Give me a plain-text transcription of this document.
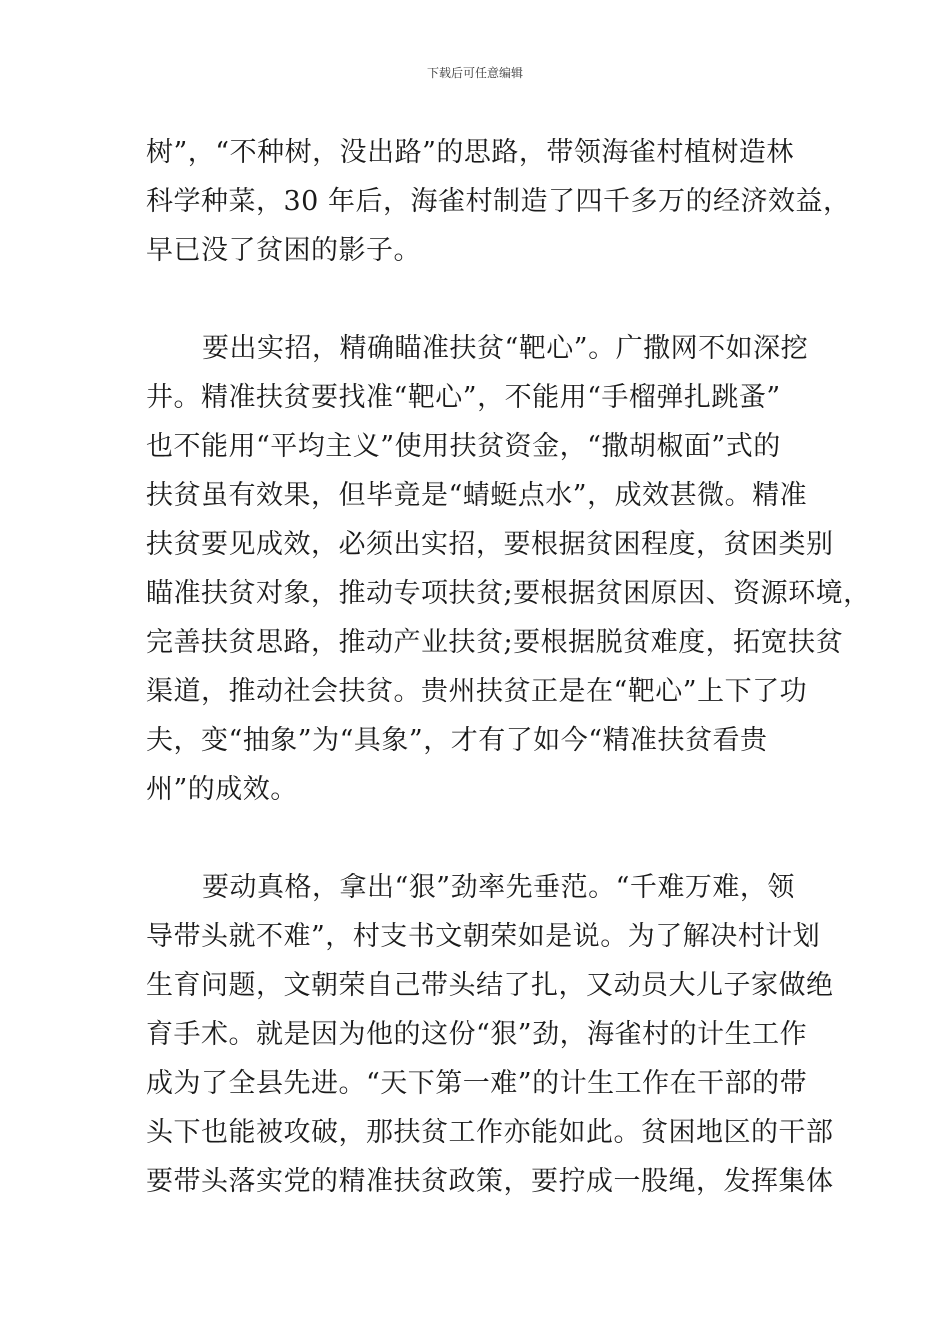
下载后可任意编辑
树”，“不种树，没出路”的思路，带领海雀村植树造林
科学种菜，30 年后，海雀村制造了四千多万的经济效益，
早已没了贫困的影子。
要出实招，精确瞄准扶贫“靶心”。广撒网不如深挖
井。精准扶贫要找准“靶心”，不能用“手榴弹扎跳蚤”
也不能用“平均主义”使用扶贫资金，“撒胡椒面”式的
扶贫虽有效果，但毕竟是“蜻蜓点水”，成效甚微。精准
扶贫要见成效，必须出实招，要根据贫困程度，贫困类别
瞄准扶贫对象，推动专项扶贫;要根据贫困原因、资源环境，
完善扶贫思路，推动产业扶贫;要根据脱贫难度，拓宽扶贫
渠道，推动社会扶贫。贵州扶贫正是在“靶心”上下了功
夫，变“抽象”为“具象”，才有了如今“精准扶贫看贵
州”的成效。
要动真格，拿出“狠”劲率先垂范。“千难万难，领
导带头就不难”，村支书文朝荣如是说。为了解决村计划
生育问题，文朝荣自己带头结了扎，又动员大儿子家做绝
育手术。就是因为他的这份“狠”劲，海雀村的计生工作
成为了全县先进。“天下第一难”的计生工作在干部的带
头下也能被攻破，那扶贫工作亦能如此。贫困地区的干部
要带头落实党的精准扶贫政策，要拧成一股绳，发挥集体
